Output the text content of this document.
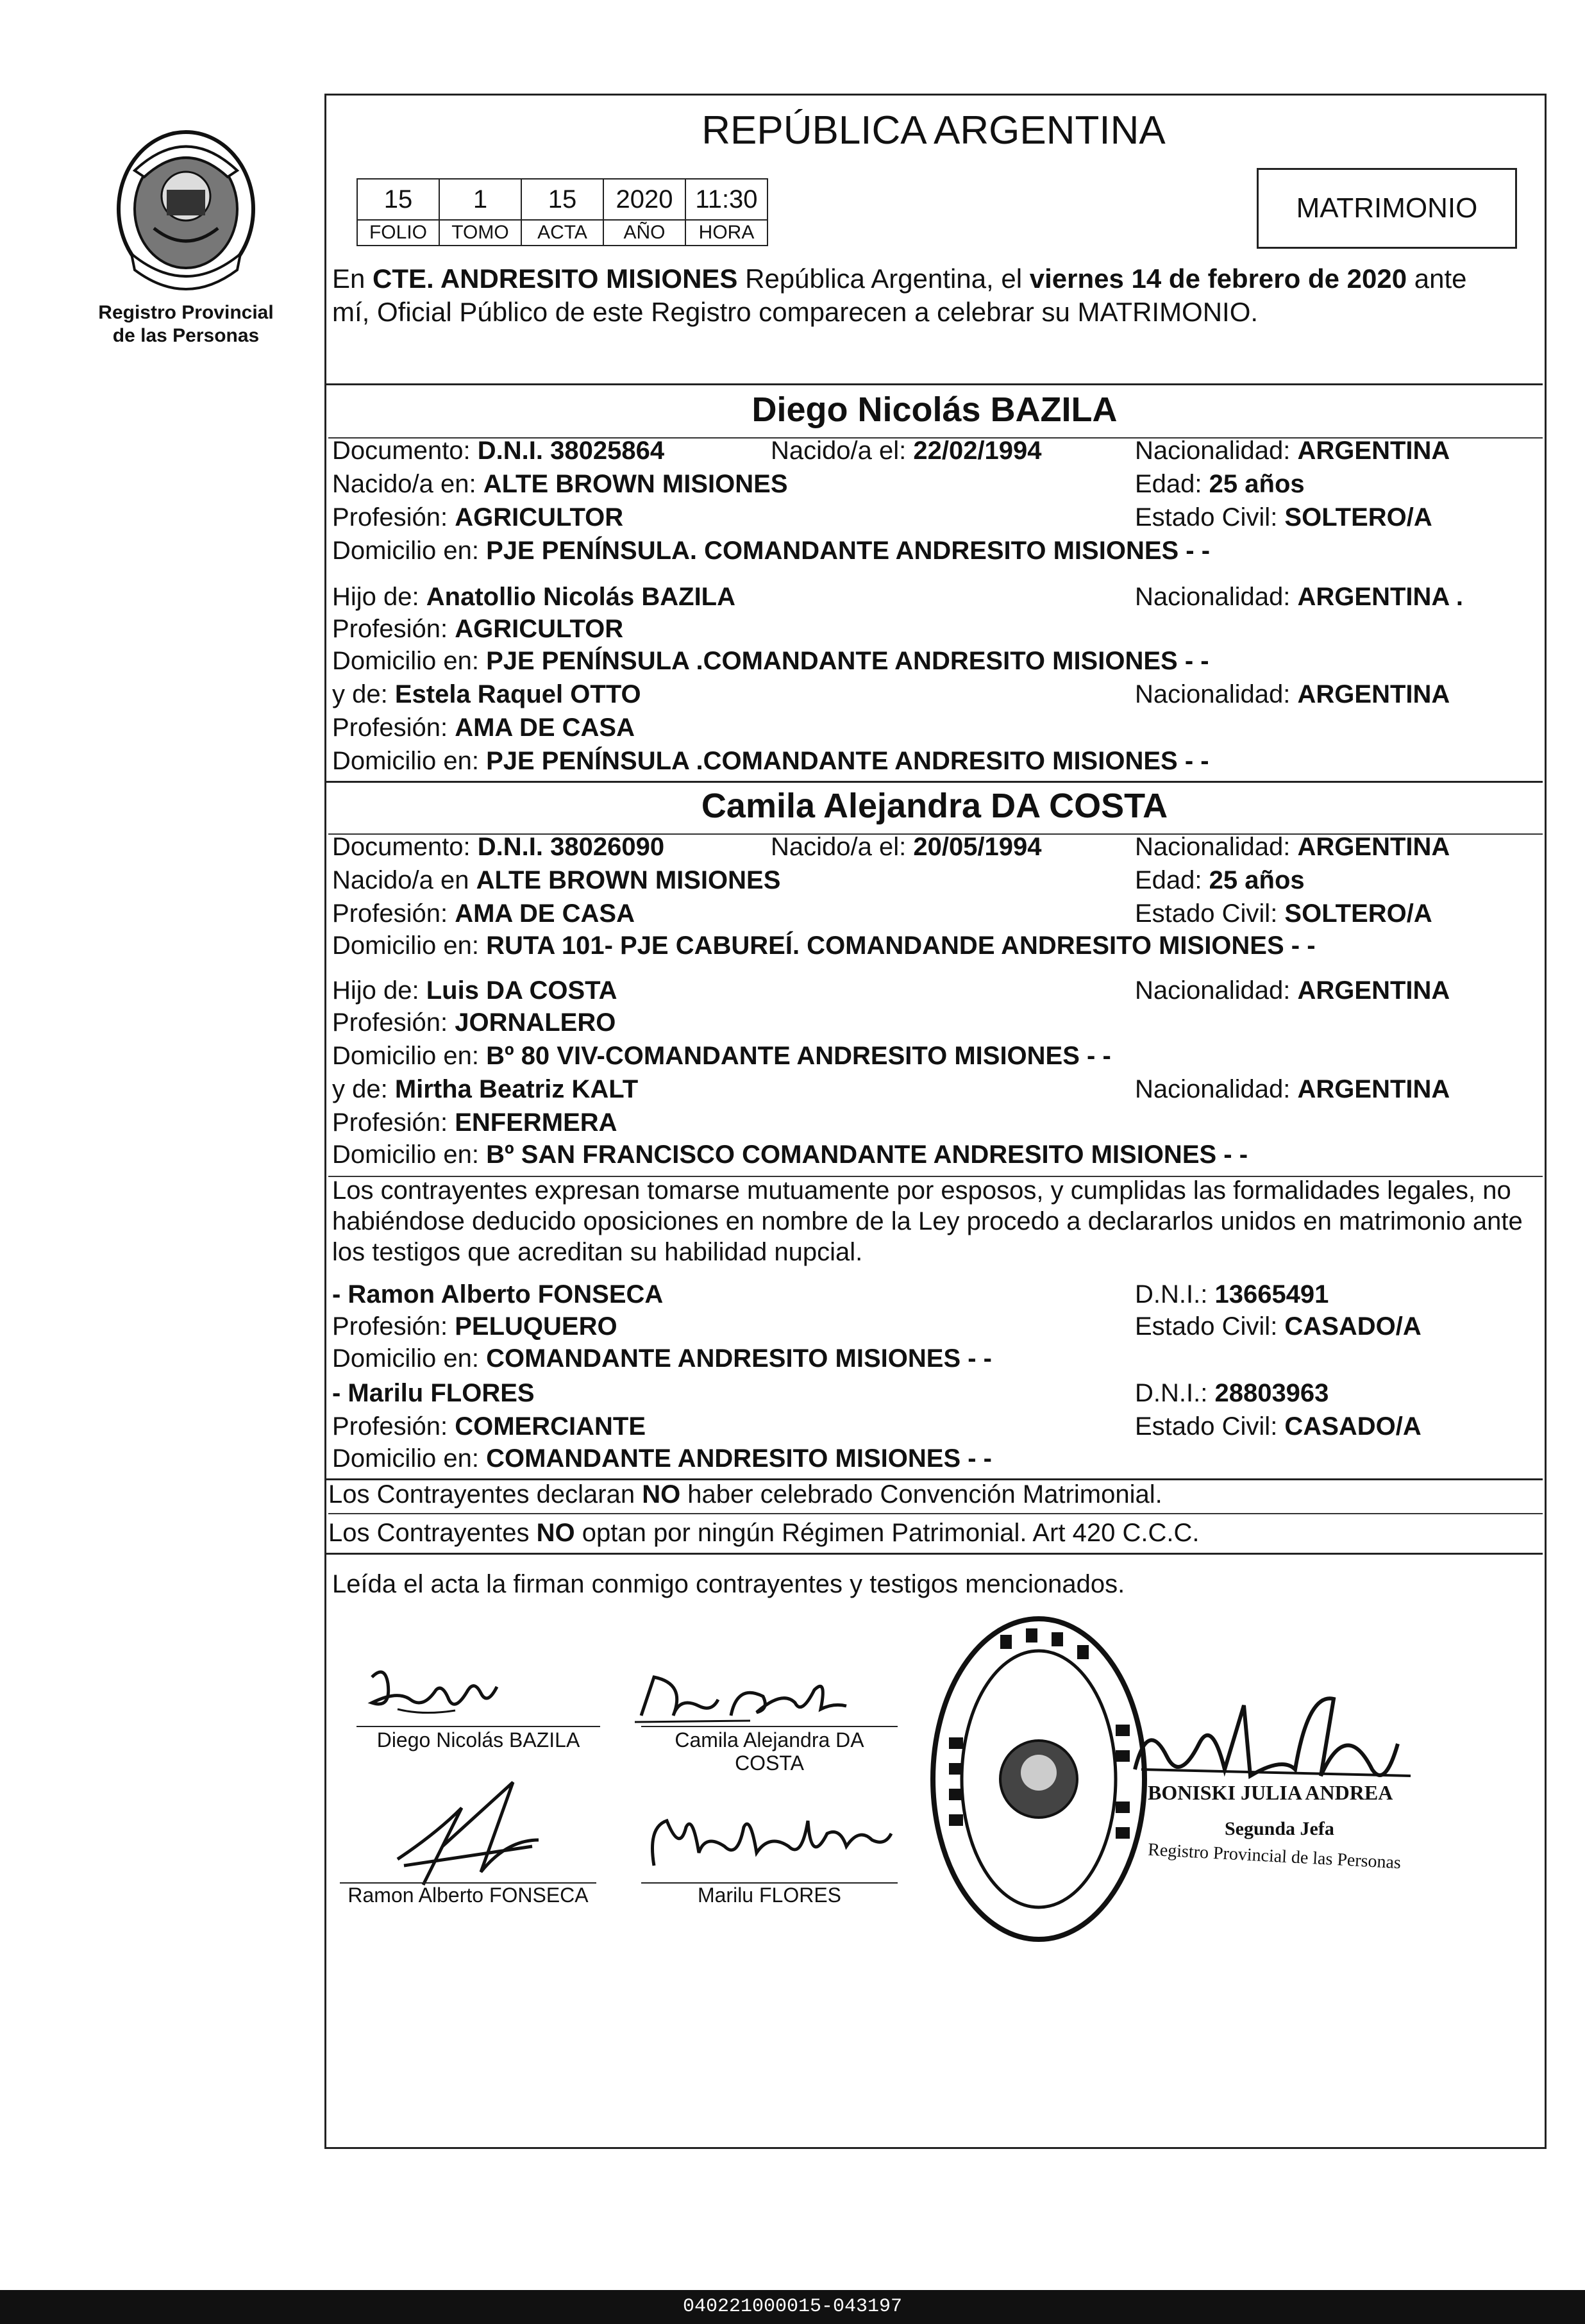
Registro Provincial
de las Personas
REPÚBLICA ARGENTINA
15	1	15	2020	11:30
FOLIO	TOMO	ACTA	AÑO	HORA
MATRIMONIO
En CTE. ANDRESITO MISIONES República Argentina, el viernes 14 de febrero de 2020 ante
mí, Oficial Público de este Registro comparecen a celebrar su MATRIMONIO.
Diego Nicolás BAZILA
Documento: D.N.I. 38025864	Nacido/a el: 22/02/1994	Nacionalidad: ARGENTINA
Nacido/a en: ALTE BROWN MISIONES	Edad: 25 años
Profesión: AGRICULTOR	Estado Civil: SOLTERO/A
Domicilio en: PJE PENÍNSULA. COMANDANTE ANDRESITO MISIONES - -
Hijo de: Anatollio Nicolás BAZILA	Nacionalidad: ARGENTINA .
Profesión: AGRICULTOR
Domicilio en: PJE PENÍNSULA .COMANDANTE ANDRESITO MISIONES - -
y de: Estela Raquel OTTO	Nacionalidad: ARGENTINA
Profesión: AMA DE CASA
Domicilio en: PJE PENÍNSULA .COMANDANTE ANDRESITO MISIONES - -
Camila Alejandra DA COSTA
Documento: D.N.I. 38026090	Nacido/a el: 20/05/1994	Nacionalidad: ARGENTINA
Nacido/a en ALTE BROWN MISIONES	Edad: 25 años
Profesión: AMA DE CASA	Estado Civil: SOLTERO/A
Domicilio en: RUTA 101- PJE CABUREÍ. COMANDANDE ANDRESITO MISIONES - -
Hijo de: Luis DA COSTA	Nacionalidad: ARGENTINA
Profesión: JORNALERO
Domicilio en: Bº 80 VIV-COMANDANTE ANDRESITO MISIONES - -
y de: Mirtha Beatriz KALT	Nacionalidad: ARGENTINA
Profesión: ENFERMERA
Domicilio en: Bº SAN FRANCISCO COMANDANTE ANDRESITO MISIONES - -
Los contrayentes expresan tomarse mutuamente por esposos, y cumplidas las formalidades legales, no
habiéndose deducido oposiciones en nombre de la Ley procedo a declararlos unidos en matrimonio ante
los testigos que acreditan su habilidad nupcial.
- Ramon Alberto FONSECA	D.N.I.: 13665491
Profesión: PELUQUERO	Estado Civil: CASADO/A
Domicilio en: COMANDANTE ANDRESITO MISIONES - -
- Marilu FLORES	D.N.I.: 28803963
Profesión: COMERCIANTE	Estado Civil: CASADO/A
Domicilio en: COMANDANTE ANDRESITO MISIONES - -
Los Contrayentes declaran NO haber celebrado Convención Matrimonial.
Los Contrayentes NO optan por ningún Régimen Patrimonial. Art 420 C.C.C.
Leída el acta la firman conmigo contrayentes y testigos mencionados.
Diego Nicolás BAZILA	Camila Alejandra DA
COSTA
Ramon Alberto FONSECA	Marilu FLORES
BONISKI JULIA ANDREA
Segunda Jefa
Registro Provincial de las Personas
040221000015-043197
